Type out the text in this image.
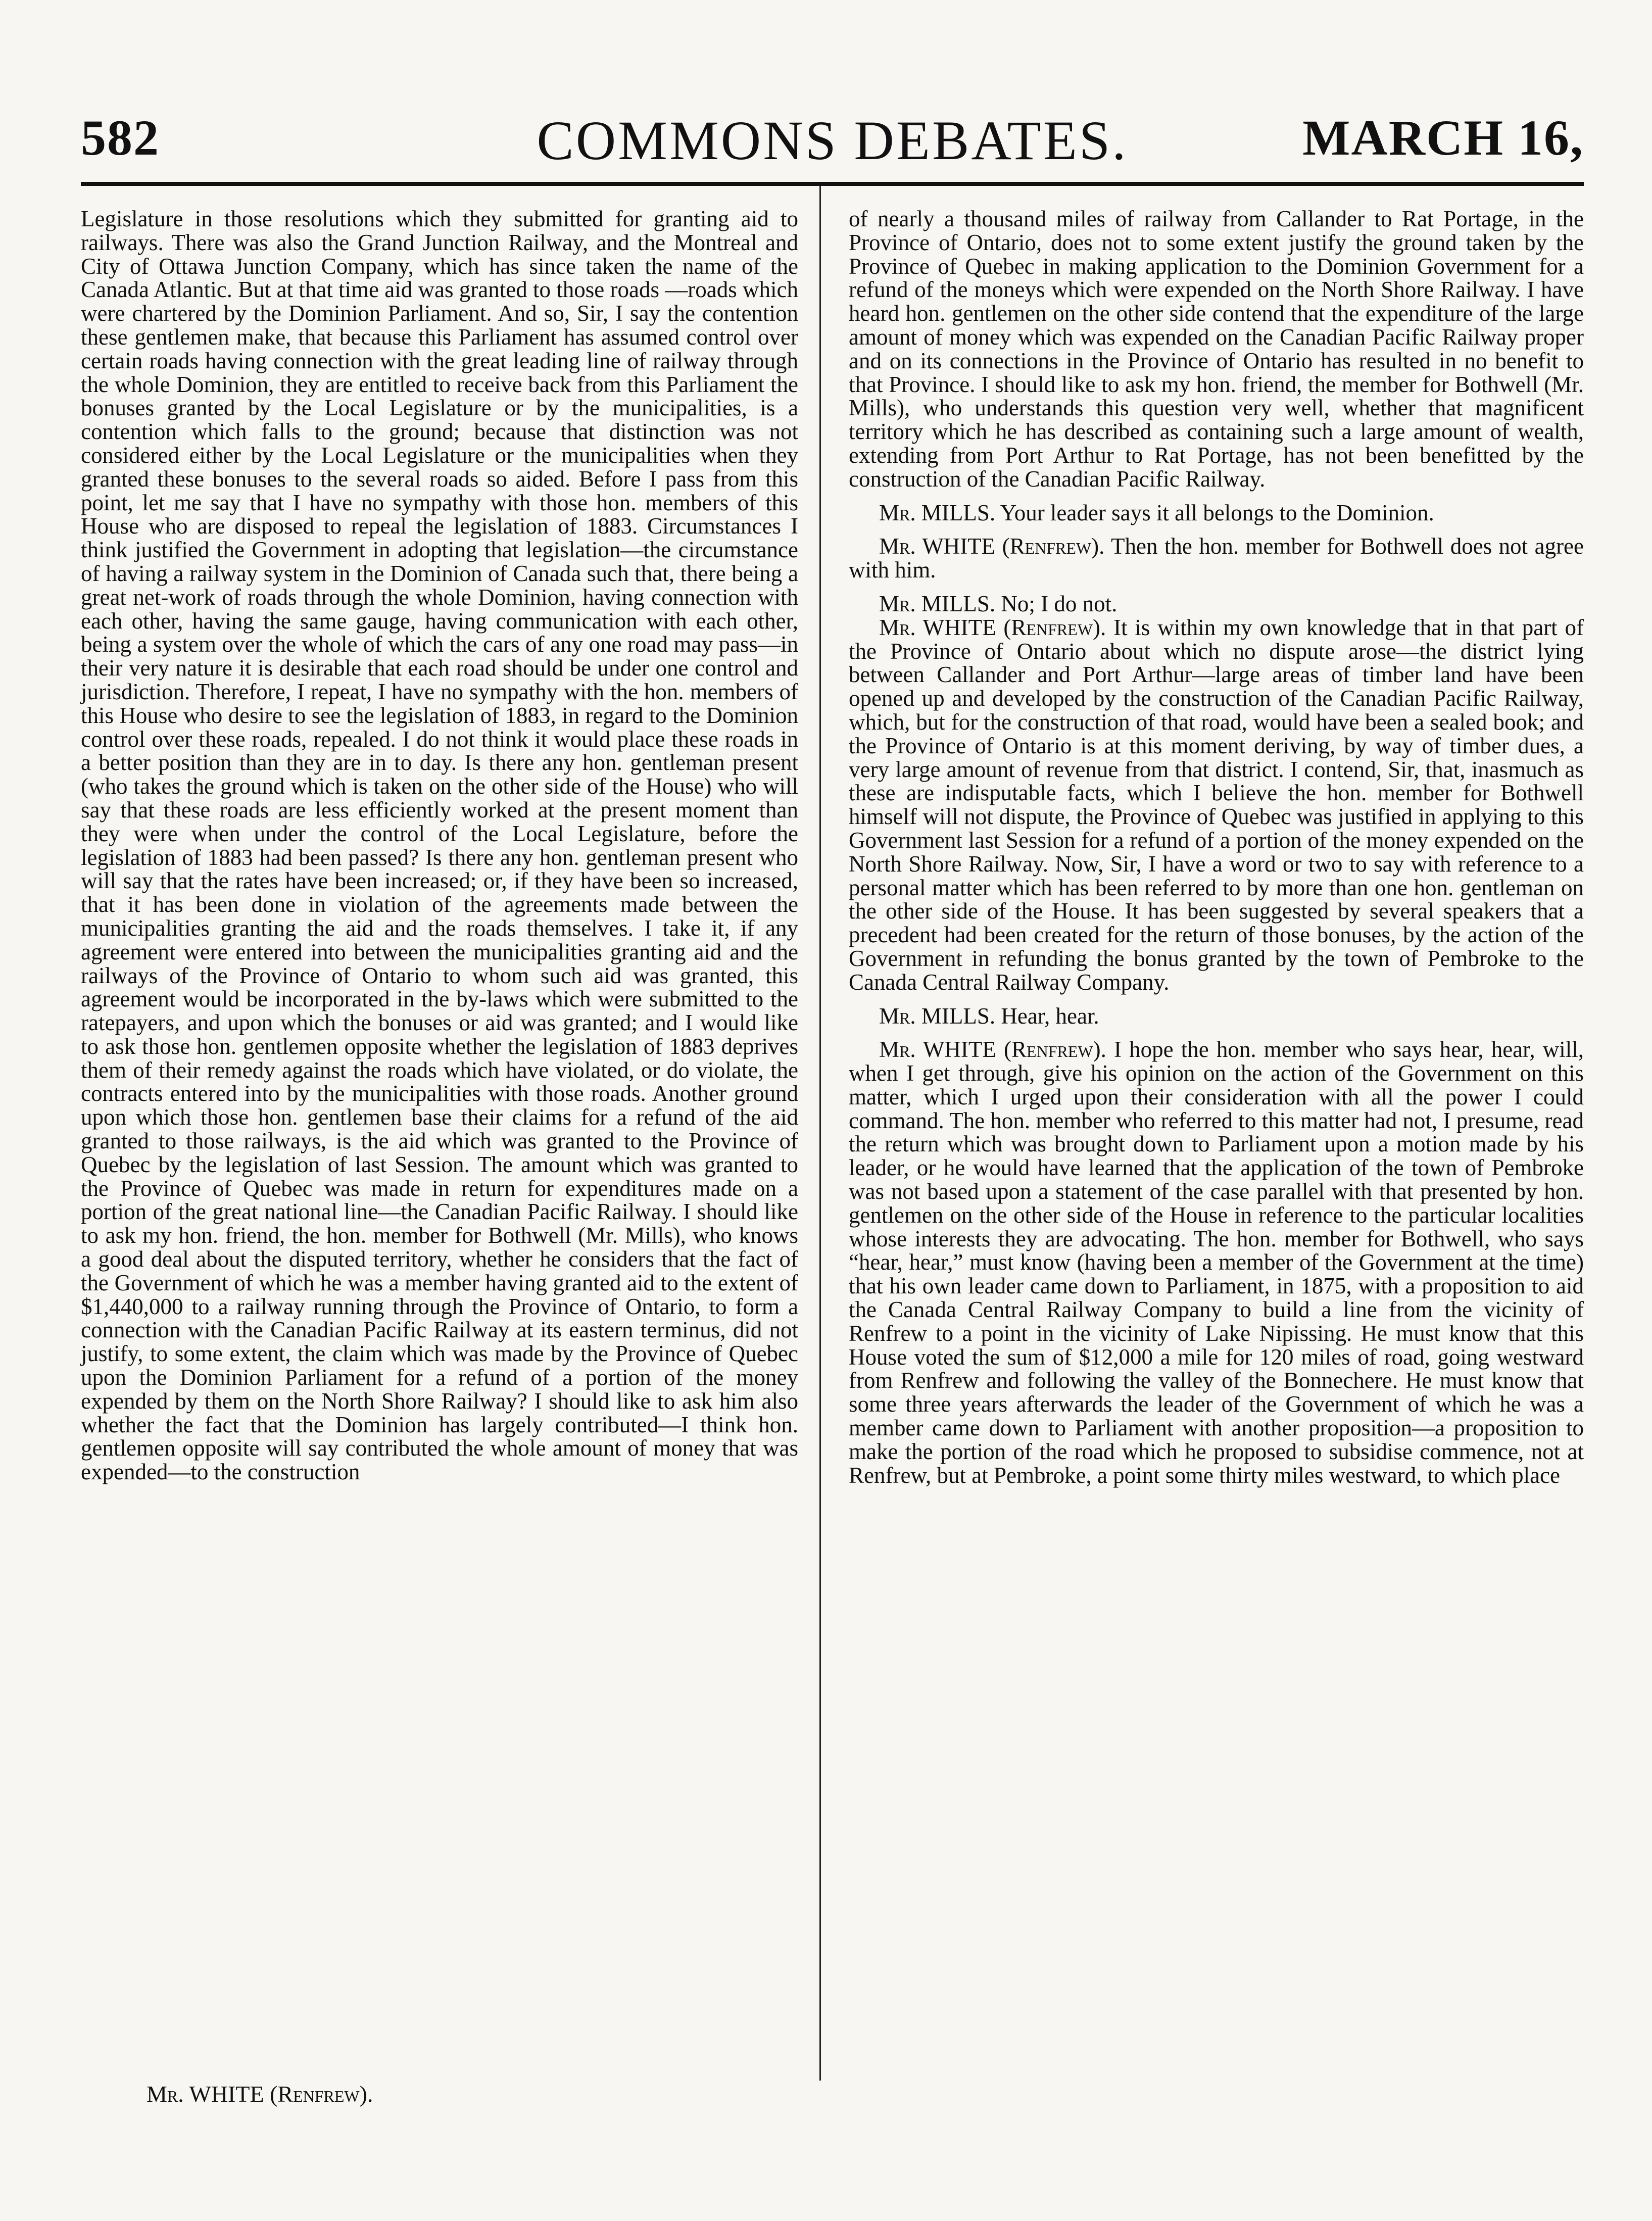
582	COMMONS DEBATES.	MARCH 16,

Legislature in those resolutions which they submitted for granting aid to railways. There was also the Grand Junction Railway, and the Montreal and City of Ottawa Junction Company, which has since taken the name of the Canada Atlantic. But at that time aid was granted to those roads —roads which were chartered by the Dominion Parliament. And so, Sir, I say the contention these gentlemen make, that because this Parliament has assumed control over certain roads having connection with the great leading line of railway through the whole Dominion, they are entitled to receive back from this Parliament the bonuses granted by the Local Legislature or by the municipalities, is a contention which falls to the ground; because that distinction was not considered either by the Local Legislature or the municipalities when they granted these bonuses to the several roads so aided. Before I pass from this point, let me say that I have no sympathy with those hon. members of this House who are disposed to repeal the legislation of 1883. Circumstances I think justified the Government in adopting that legislation—the circumstance of having a railway system in the Dominion of Canada such that, there being a great net-work of roads through the whole Dominion, having connection with each other, having the same gauge, having communication with each other, being a system over the whole of which the cars of any one road may pass—in their very nature it is desirable that each road should be under one control and jurisdiction. Therefore, I repeat, I have no sympathy with the hon. members of this House who desire to see the legislation of 1883, in regard to the Dominion control over these roads, repealed. I do not think it would place these roads in a better position than they are in to day. Is there any hon. gentleman present (who takes the ground which is taken on the other side of the House) who will say that these roads are less efficiently worked at the present moment than they were when under the control of the Local Legislature, before the legislation of 1883 had been passed? Is there any hon. gentleman present who will say that the rates have been increased; or, if they have been so increased, that it has been done in violation of the agreements made between the municipalities granting the aid and the roads themselves. I take it, if any agreement were entered into between the municipalities granting aid and the railways of the Province of Ontario to whom such aid was granted, this agreement would be incorporated in the by-laws which were submitted to the ratepayers, and upon which the bonuses or aid was granted; and I would like to ask those hon. gentlemen opposite whether the legislation of 1883 deprives them of their remedy against the roads which have violated, or do violate, the contracts entered into by the municipalities with those roads. Another ground upon which those hon. gentlemen base their claims for a refund of the aid granted to those railways, is the aid which was granted to the Province of Quebec by the legislation of last Session. The amount which was granted to the Province of Quebec was made in return for expenditures made on a portion of the great national line—the Canadian Pacific Railway. I should like to ask my hon. friend, the hon. member for Bothwell (Mr. Mills), who knows a good deal about the disputed territory, whether he considers that the fact of the Government of which he was a member having granted aid to the extent of $1,440,000 to a railway running through the Province of Ontario, to form a connection with the Canadian Pacific Railway at its eastern terminus, did not justify, to some extent, the claim which was made by the Province of Quebec upon the Dominion Parliament for a refund of a portion of the money expended by them on the North Shore Railway? I should like to ask him also whether the fact that the Dominion has largely contributed—I think hon. gentlemen opposite will say contributed the whole amount of money that was expended—to the construction

of nearly a thousand miles of railway from Callander to Rat Portage, in the Province of Ontario, does not to some extent justify the ground taken by the Province of Quebec in making application to the Dominion Government for a refund of the moneys which were expended on the North Shore Railway. I have heard hon. gentlemen on the other side contend that the expenditure of the large amount of money which was expended on the Canadian Pacific Railway proper and on its connections in the Province of Ontario has resulted in no benefit to that Province. I should like to ask my hon. friend, the member for Bothwell (Mr. Mills), who understands this question very well, whether that magnificent territory which he has described as containing such a large amount of wealth, extending from Port Arthur to Rat Portage, has not been benefitted by the construction of the Canadian Pacific Railway.

Mr. MILLS. Your leader says it all belongs to the Dominion.

Mr. WHITE (Renfrew). Then the hon. member for Bothwell does not agree with him.

Mr. MILLS. No; I do not.

Mr. WHITE (Renfrew). It is within my own knowledge that in that part of the Province of Ontario about which no dispute arose—the district lying between Callander and Port Arthur—large areas of timber land have been opened up and developed by the construction of the Canadian Pacific Railway, which, but for the construction of that road, would have been a sealed book; and the Province of Ontario is at this moment deriving, by way of timber dues, a very large amount of revenue from that district. I contend, Sir, that, inasmuch as these are indisputable facts, which I believe the hon. member for Bothwell himself will not dispute, the Province of Quebec was justified in applying to this Government last Session for a refund of a portion of the money expended on the North Shore Railway. Now, Sir, I have a word or two to say with reference to a personal matter which has been referred to by more than one hon. gentleman on the other side of the House. It has been suggested by several speakers that a precedent had been created for the return of those bonuses, by the action of the Government in refunding the bonus granted by the town of Pembroke to the Canada Central Railway Company.

Mr. MILLS. Hear, hear.

Mr. WHITE (Renfrew). I hope the hon. member who says hear, hear, will, when I get through, give his opinion on the action of the Government on this matter, which I urged upon their consideration with all the power I could command. The hon. member who referred to this matter had not, I presume, read the return which was brought down to Parliament upon a motion made by his leader, or he would have learned that the application of the town of Pembroke was not based upon a statement of the case parallel with that presented by hon. gentlemen on the other side of the House in reference to the particular localities whose interests they are advocating. The hon. member for Bothwell, who says “hear, hear,” must know (having been a member of the Government at the time) that his own leader came down to Parliament, in 1875, with a proposition to aid the Canada Central Railway Company to build a line from the vicinity of Renfrew to a point in the vicinity of Lake Nipissing. He must know that this House voted the sum of $12,000 a mile for 120 miles of road, going westward from Renfrew and following the valley of the Bonnechere. He must know that some three years afterwards the leader of the Government of which he was a member came down to Parliament with another proposition—a proposition to make the portion of the road which he proposed to subsidise commence, not at Renfrew, but at Pembroke, a point some thirty miles westward, to which place

Mr. WHITE (Renfrew).
